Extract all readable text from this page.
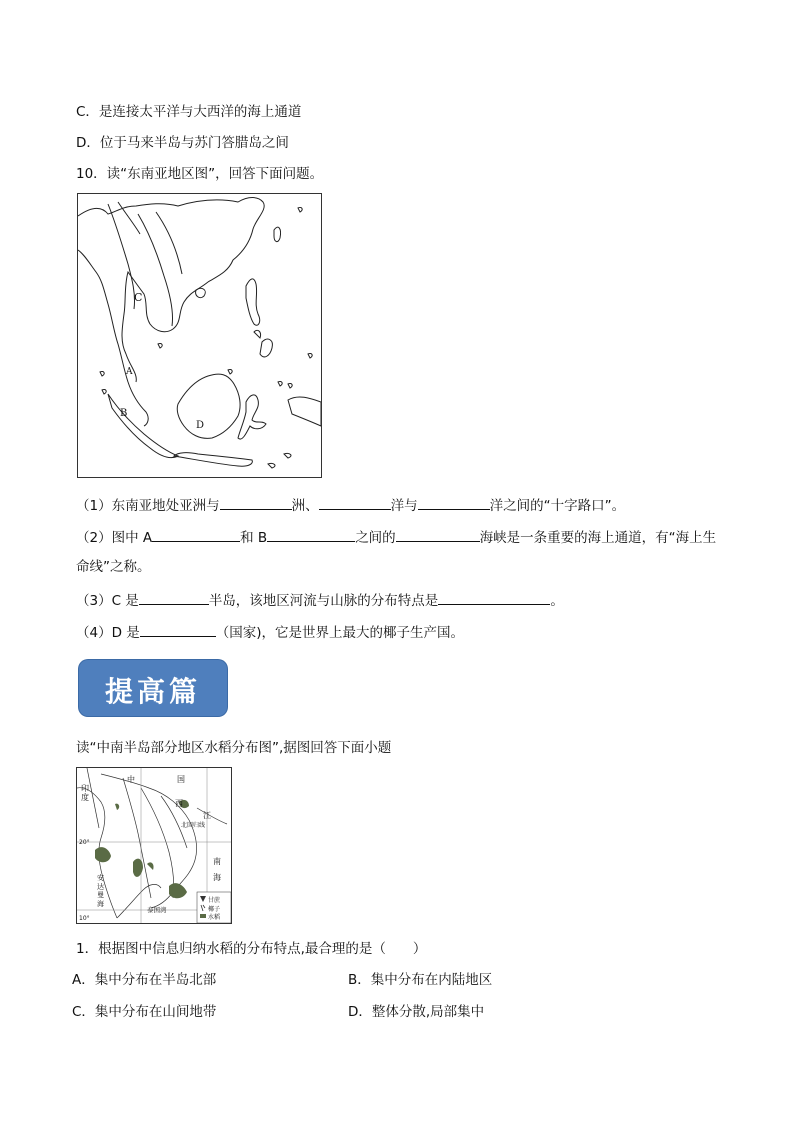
C．是连接太平洋与大西洋的海上通道
D．位于马来半岛与苏门答腊岛之间
10．读“东南亚地区图”，回答下面问题。
C
A
B
D
（1）东南亚地处亚洲与	洲、	洋与	洋之间的“十字路口”。
（2）图中 A	和 B	之间的	海峡是一条重要的海上通道，有“海上生
命线”之称。
（3）C 是	半岛，该地区河流与山脉的分布特点是	。
（4）D 是	（国家)，它是世界上最大的椰子生产国。
提高篇
读“中南半岛部分地区水稻分布图”,据图回答下面小题
中	国
西
江
北回归线
20°
10°
南
海
泰国湾
甘蔗
椰子
水稻
印
度
安
达
曼
海
1．根据图中信息归纳水稻的分布特点,最合理的是（　　）
A．集中分布在半岛北部	B．集中分布在内陆地区
C．集中分布在山间地带	D．整体分散,局部集中
